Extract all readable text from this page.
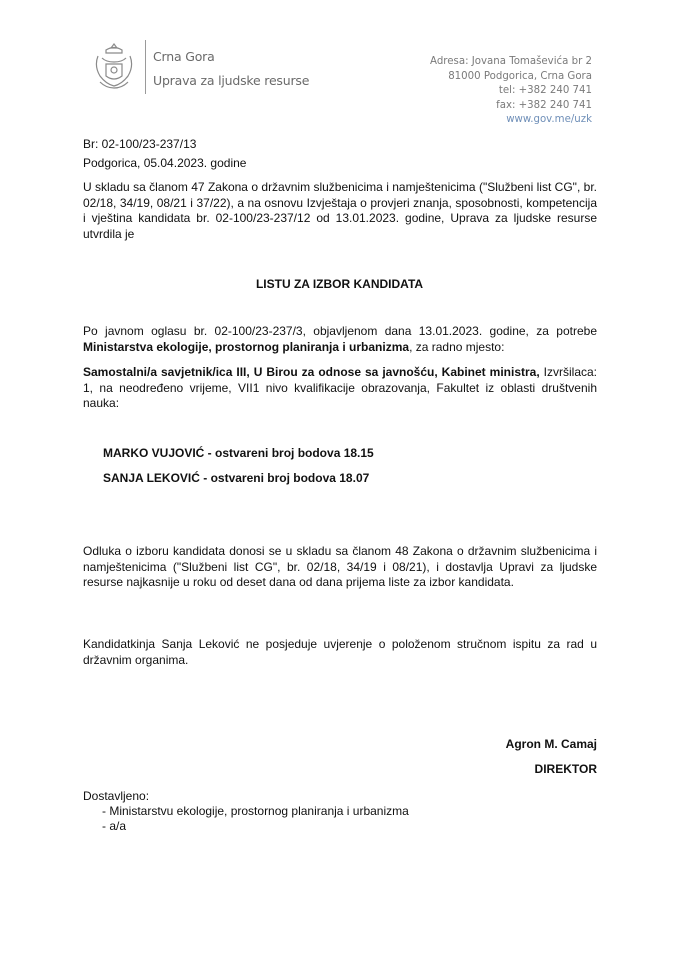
Crna Gora
Uprava za ljudske resurse
Adresa: Jovana Tomaševića br 2
81000 Podgorica, Crna Gora
tel: +382 240 741
fax: +382 240 741
www.gov.me/uzk
Br: 02-100/23-237/13
Podgorica, 05.04.2023. godine
U skladu sa članom 47 Zakona o državnim službenicima i namještenicima ("Službeni list CG", br. 02/18, 34/19, 08/21 i 37/22), a na osnovu Izvještaja o provjeri znanja, sposobnosti, kompetencija i vještina kandidata br. 02-100/23-237/12 od 13.01.2023. godine, Uprava za ljudske resurse utvrdila je
LISTU ZA IZBOR KANDIDATA
Po javnom oglasu br. 02-100/23-237/3, objavljenom dana 13.01.2023. godine, za potrebe Ministarstva ekologije, prostornog planiranja i urbanizma, za radno mjesto:
Samostalni/a savjetnik/ica III, U Birou za odnose sa javnošću, Kabinet ministra, Izvršilaca: 1, na neodređeno vrijeme, VII1 nivo kvalifikacije obrazovanja, Fakultet iz oblasti društvenih nauka:
MARKO VUJOVIĆ - ostvareni broj bodova 18.15
SANJA LEKOVIĆ - ostvareni broj bodova 18.07
Odluka o izboru kandidata donosi se u skladu sa članom 48 Zakona o državnim službenicima i namještenicima ("Službeni list CG", br. 02/18, 34/19 i 08/21), i dostavlja Upravi za ljudske resurse najkasnije u roku od deset dana od dana prijema liste za izbor kandidata.
Kandidatkinja Sanja Leković ne posjeduje uvjerenje o položenom stručnom ispitu za rad u državnim organima.
Agron M. Camaj
DIREKTOR
Dostavljeno:
- Ministarstvu ekologije, prostornog planiranja i urbanizma
- a/a
